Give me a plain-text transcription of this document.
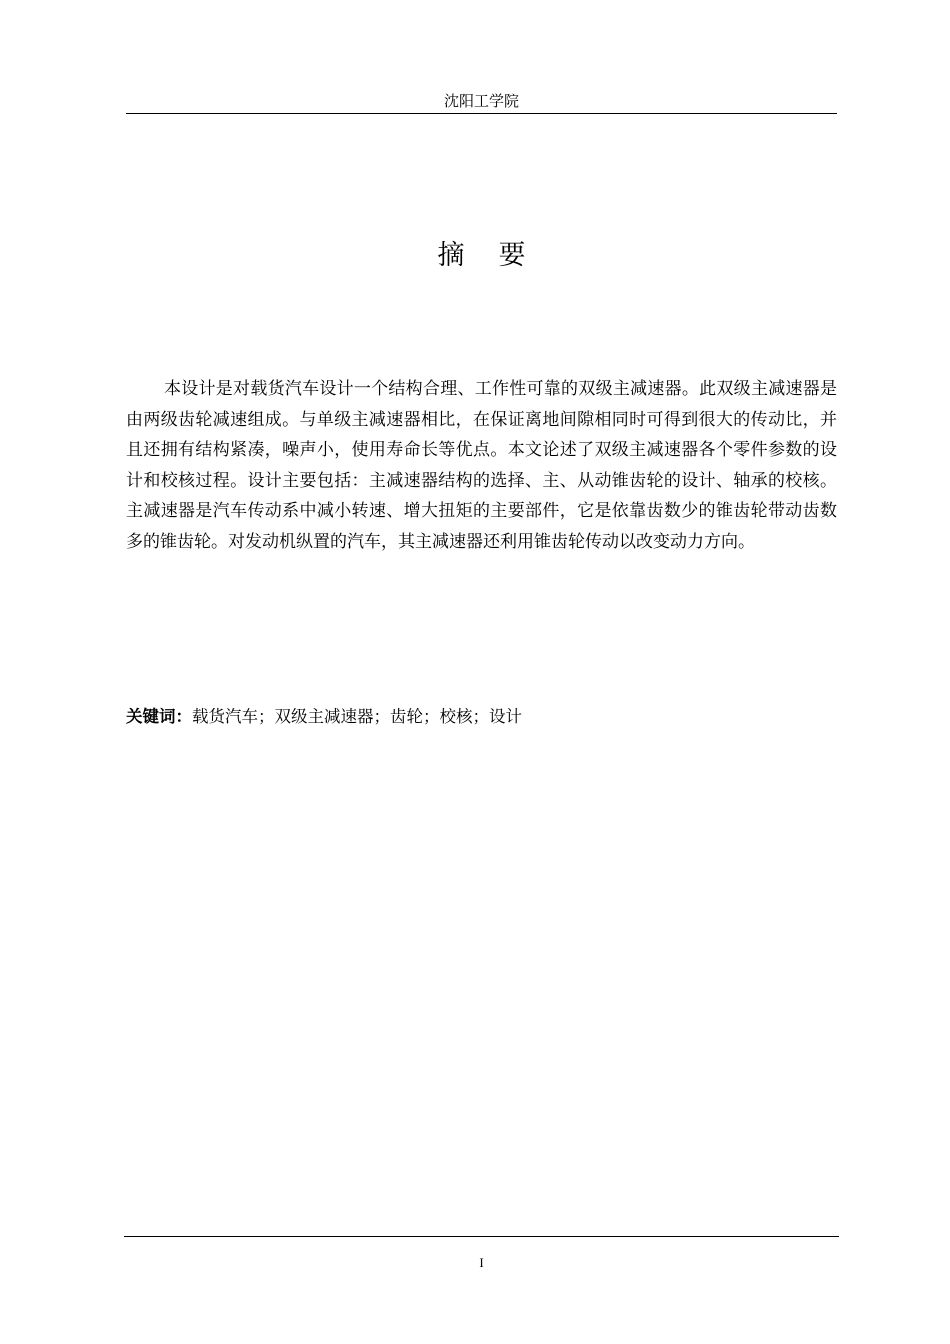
沈阳工学院
摘要

本设计是对载货汽车设计一个结构合理、工作性可靠的双级主减速器。此双级主减速器是由两级齿轮减速组成。与单级主减速器相比，在保证离地间隙相同时可得到很大的传动比，并且还拥有结构紧凑，噪声小，使用寿命长等优点。本文论述了双级主减速器各个零件参数的设计和校核过程。设计主要包括：主减速器结构的选择、主、从动锥齿轮的设计、轴承的校核。主减速器是汽车传动系中减小转速、增大扭矩的主要部件，它是依靠齿数少的锥齿轮带动齿数多的锥齿轮。对发动机纵置的汽车，其主减速器还利用锥齿轮传动以改变动力方向。

关键词：载货汽车；双级主减速器；齿轮；校核；设计
I
